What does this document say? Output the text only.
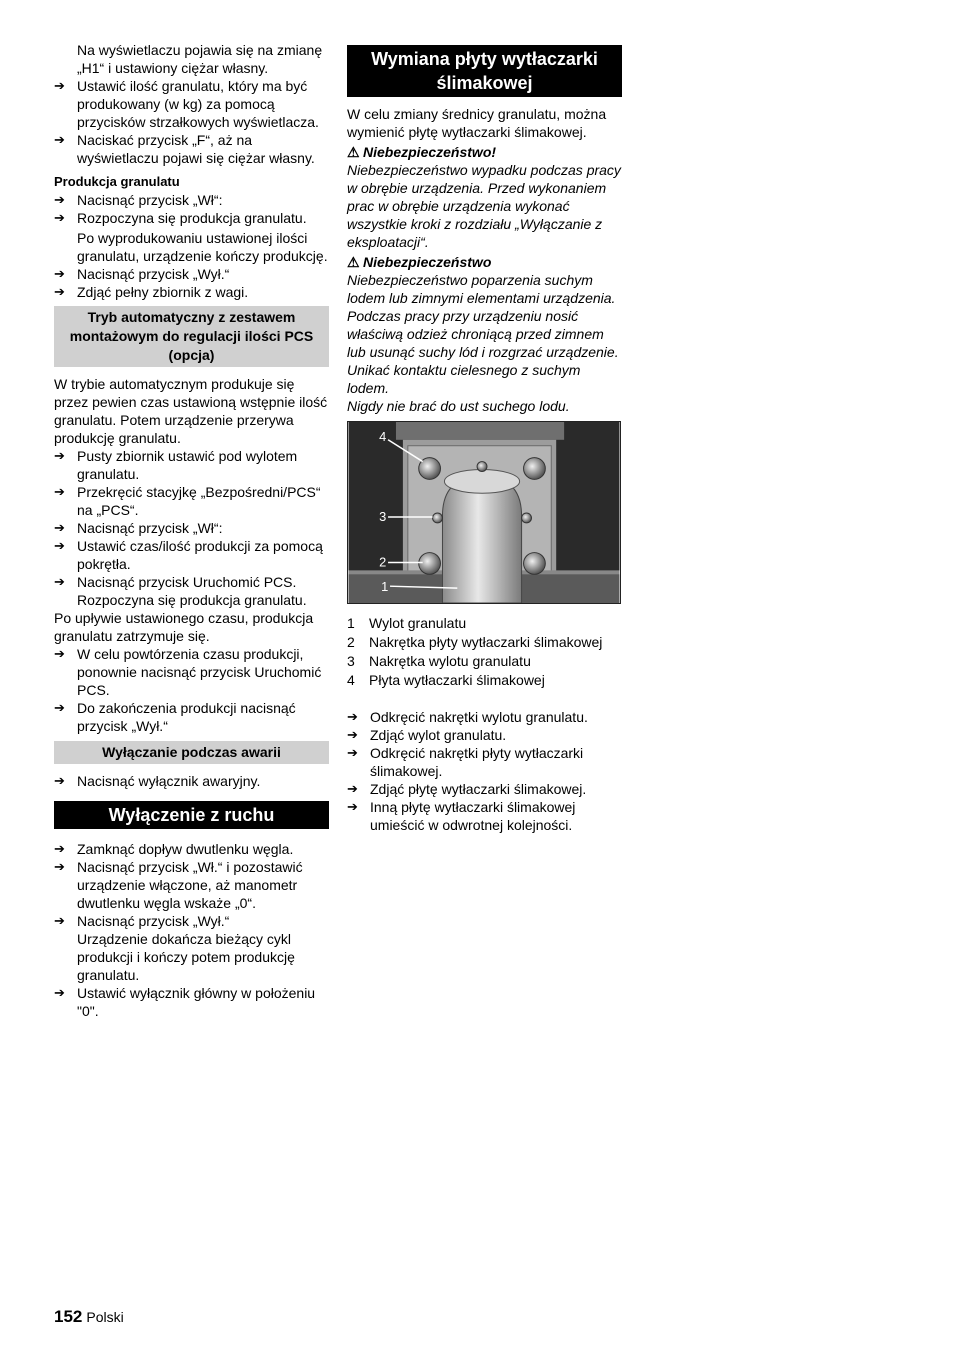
Na wyświetlaczu pojawia się na zmianę „H1“ i ustawiony ciężar własny.

➔ Ustawić ilość granulatu, który ma być produkowany (w kg) za pomocą przycisków strzałkowych wyświetlacza.
➔ Naciskać przycisk „F“, aż na wyświetlaczu pojawi się ciężar własny.

Produkcja granulatu

➔ Nacisnąć przycisk „Wł“:
➔ Rozpoczyna się produkcja granulatu.

Po wyprodukowaniu ustawionej ilości granulatu, urządzenie kończy produkcję.

➔ Nacisnąć przycisk „Wył.“
➔ Zdjąć pełny zbiornik z wagi.
Tryb automatyczny z zestawem montażowym do regulacji ilości PCS (opcja)

W trybie automatycznym produkuje się przez pewien czas ustawioną wstępnie ilość granulatu. Potem urządzenie przerywa produkcję granulatu.

➔ Pusty zbiornik ustawić pod wylotem granulatu.
➔ Przekręcić stacyjkę „Bezpośredni/PCS“ na „PCS“.
➔ Nacisnąć przycisk „Wł“:
➔ Ustawić czas/ilość produkcji za pomocą pokrętła.
➔ Nacisnąć przycisk Uruchomić PCS.

Rozpoczyna się produkcja granulatu.

Po upływie ustawionego czasu, produkcja granulatu zatrzymuje się.

➔ W celu powtórzenia czasu produkcji, ponownie nacisnąć przycisk Uruchomić PCS.
➔ Do zakończenia produkcji nacisnąć przycisk „Wył.“
Wyłączanie podczas awarii
➔ Nacisnąć wyłącznik awaryjny.
Wyłączenie z ruchu
➔ Zamknąć dopływ dwutlenku węgla.
➔ Nacisnąć przycisk „Wł.“ i pozostawić urządzenie włączone, aż manometr dwutlenku węgla wskaże „0“.
➔ Nacisnąć przycisk „Wył.“

Urządzenie dokańcza bieżący cykl produkcji i kończy potem produkcję granulatu.

➔ Ustawić wyłącznik główny w położeniu "0".
Wymiana płyty wytłaczarki ślimakowej

W celu zmiany średnicy granulatu, można wymienić płytę wytłaczarki ślimakowej.

⚠ Niebezpieczeństwo!

Niebezpieczeństwo wypadku podczas pracy w obrębie urządzenia. Przed wykonaniem prac w obrębie urządzenia wykonać wszystkie kroki z rozdziału „Wyłączanie z eksploatacji“.

⚠ Niebezpieczeństwo

Niebezpieczeństwo poparzenia suchym lodem lub zimnymi elementami urządzenia.

Podczas pracy przy urządzeniu nosić właściwą odzież chroniącą przed zimnem lub usunąć suchy lód i rozgrzać urządzenie.

Unikać kontaktu cielesnego z suchym lodem.

Nigdy nie brać do ust suchego lodu.

4
3
2
1
1	Wylot granulatu
2	Nakrętka płyty wytłaczarki ślimakowej
3	Nakrętka wylotu granulatu
4	Płyta wytłaczarki ślimakowej
➔ Odkręcić nakrętki wylotu granulatu.
➔ Zdjąć wylot granulatu.
➔ Odkręcić nakrętki płyty wytłaczarki ślimakowej.
➔ Zdjąć płytę wytłaczarki ślimakowej.
➔ Inną płytę wytłaczarki ślimakowej umieścić w odwrotnej kolejności.
152 Polski
